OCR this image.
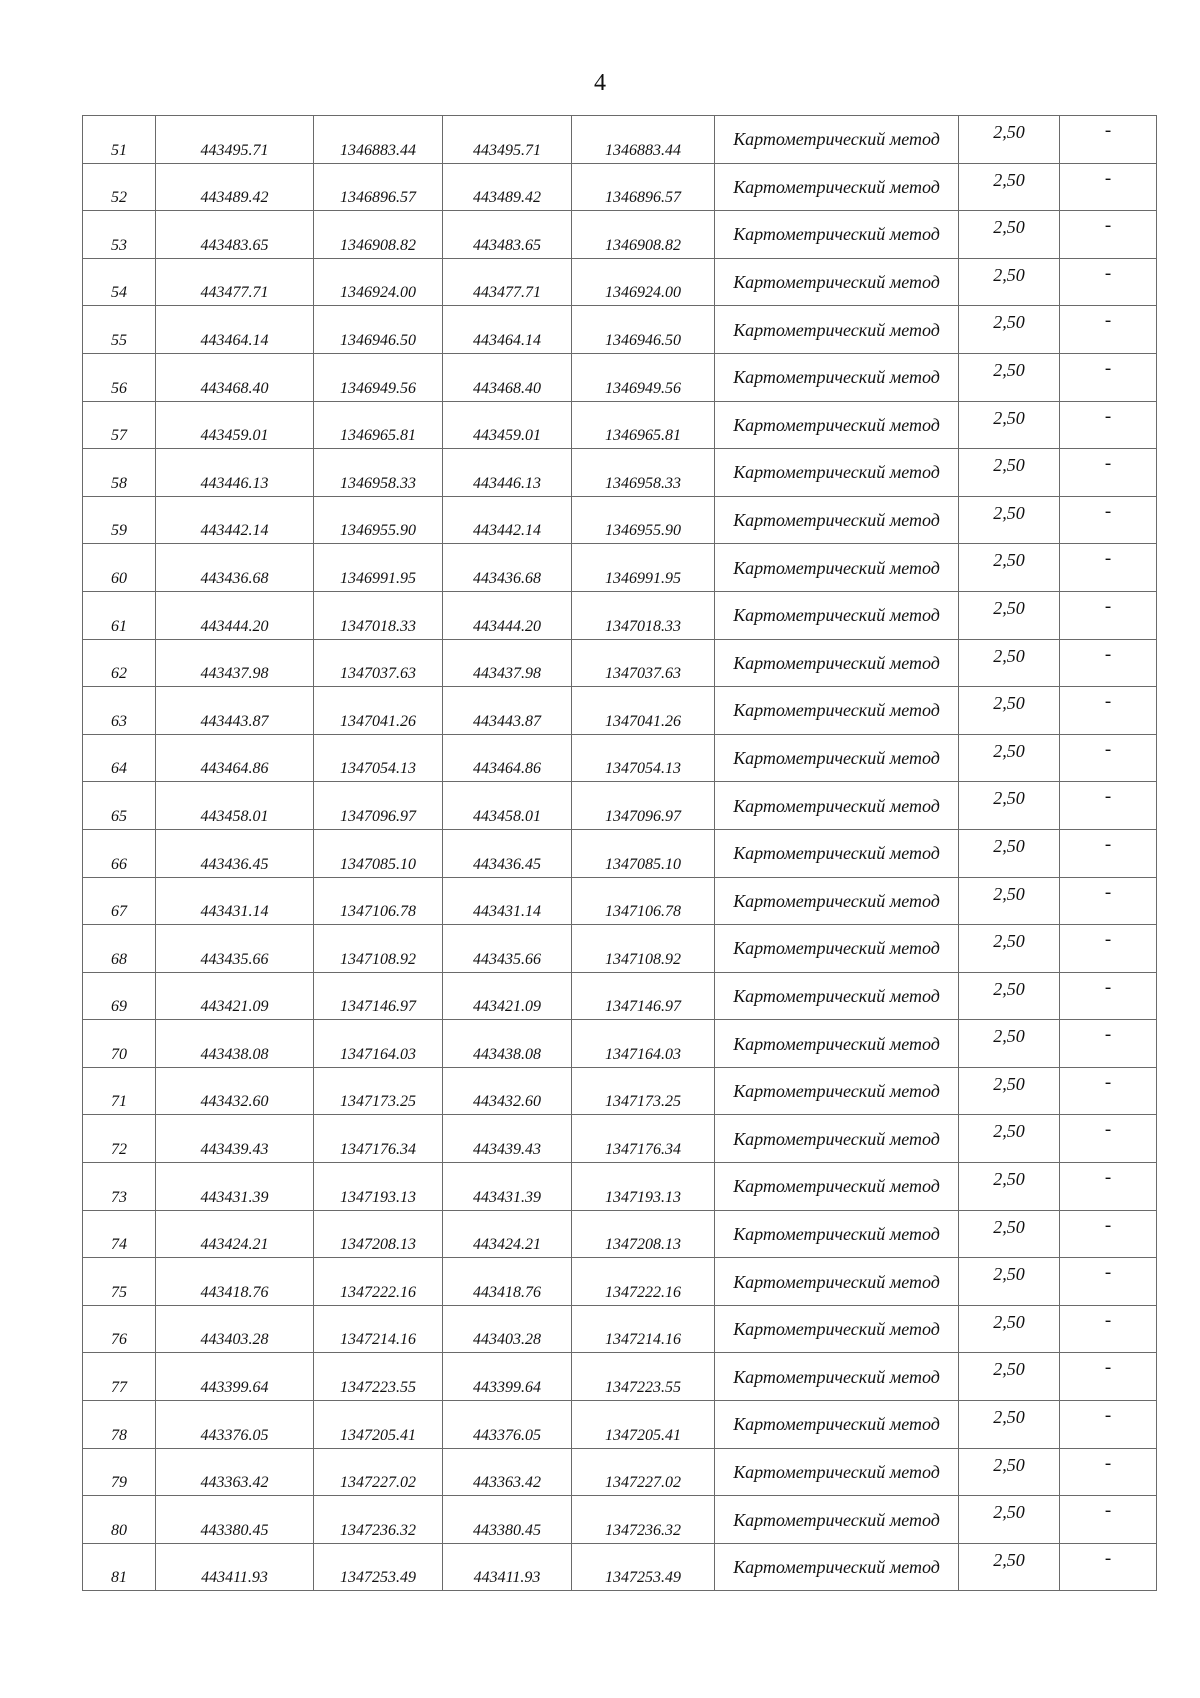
4
51	443495.71	1346883.44	443495.71	1346883.44	Картометрический метод	2,50	-
52	443489.42	1346896.57	443489.42	1346896.57	Картометрический метод	2,50	-
53	443483.65	1346908.82	443483.65	1346908.82	Картометрический метод	2,50	-
54	443477.71	1346924.00	443477.71	1346924.00	Картометрический метод	2,50	-
55	443464.14	1346946.50	443464.14	1346946.50	Картометрический метод	2,50	-
56	443468.40	1346949.56	443468.40	1346949.56	Картометрический метод	2,50	-
57	443459.01	1346965.81	443459.01	1346965.81	Картометрический метод	2,50	-
58	443446.13	1346958.33	443446.13	1346958.33	Картометрический метод	2,50	-
59	443442.14	1346955.90	443442.14	1346955.90	Картометрический метод	2,50	-
60	443436.68	1346991.95	443436.68	1346991.95	Картометрический метод	2,50	-
61	443444.20	1347018.33	443444.20	1347018.33	Картометрический метод	2,50	-
62	443437.98	1347037.63	443437.98	1347037.63	Картометрический метод	2,50	-
63	443443.87	1347041.26	443443.87	1347041.26	Картометрический метод	2,50	-
64	443464.86	1347054.13	443464.86	1347054.13	Картометрический метод	2,50	-
65	443458.01	1347096.97	443458.01	1347096.97	Картометрический метод	2,50	-
66	443436.45	1347085.10	443436.45	1347085.10	Картометрический метод	2,50	-
67	443431.14	1347106.78	443431.14	1347106.78	Картометрический метод	2,50	-
68	443435.66	1347108.92	443435.66	1347108.92	Картометрический метод	2,50	-
69	443421.09	1347146.97	443421.09	1347146.97	Картометрический метод	2,50	-
70	443438.08	1347164.03	443438.08	1347164.03	Картометрический метод	2,50	-
71	443432.60	1347173.25	443432.60	1347173.25	Картометрический метод	2,50	-
72	443439.43	1347176.34	443439.43	1347176.34	Картометрический метод	2,50	-
73	443431.39	1347193.13	443431.39	1347193.13	Картометрический метод	2,50	-
74	443424.21	1347208.13	443424.21	1347208.13	Картометрический метод	2,50	-
75	443418.76	1347222.16	443418.76	1347222.16	Картометрический метод	2,50	-
76	443403.28	1347214.16	443403.28	1347214.16	Картометрический метод	2,50	-
77	443399.64	1347223.55	443399.64	1347223.55	Картометрический метод	2,50	-
78	443376.05	1347205.41	443376.05	1347205.41	Картометрический метод	2,50	-
79	443363.42	1347227.02	443363.42	1347227.02	Картометрический метод	2,50	-
80	443380.45	1347236.32	443380.45	1347236.32	Картометрический метод	2,50	-
81	443411.93	1347253.49	443411.93	1347253.49	Картометрический метод	2,50	-
